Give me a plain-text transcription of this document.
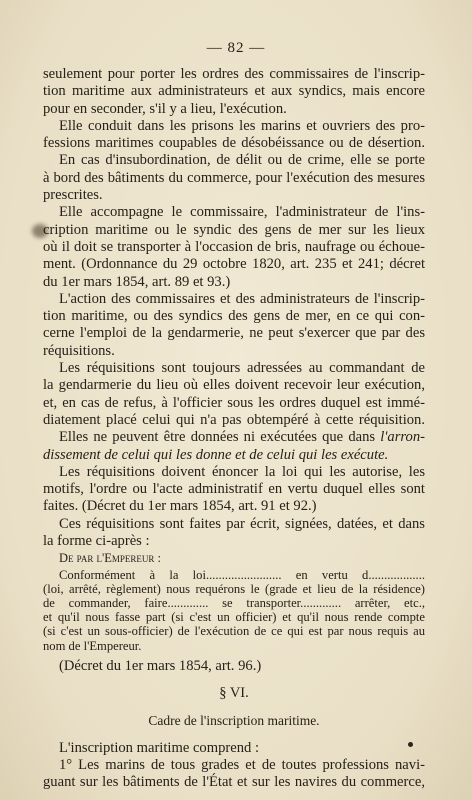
— 82 —
seulement pour porter les ordres des commissaires de l'inscrip-
tion maritime aux administrateurs et aux syndics, mais encore
pour en seconder, s'il y a lieu, l'exécution.
Elle conduit dans les prisons les marins et ouvriers des pro-
fessions maritimes coupables de désobéissance ou de désertion.
En cas d'insubordination, de délit ou de crime, elle se porte
à bord des bâtiments du commerce, pour l'exécution des mesures
prescrites.
Elle accompagne le commissaire, l'administrateur de l'ins-
cription maritime ou le syndic des gens de mer sur les lieux
où il doit se transporter à l'occasion de bris, naufrage ou échoue-
ment. (Ordonnance du 29 octobre 1820, art. 235 et 241; décret
du 1er mars 1854, art. 89 et 93.)
L'action des commissaires et des administrateurs de l'inscrip-
tion maritime, ou des syndics des gens de mer, en ce qui con-
cerne l'emploi de la gendarmerie, ne peut s'exercer que par des
réquisitions.
Les réquisitions sont toujours adressées au commandant de
la gendarmerie du lieu où elles doivent recevoir leur exécution,
et, en cas de refus, à l'officier sous les ordres duquel est immé-
diatement placé celui qui n'a pas obtempéré à cette réquisition.
Elles ne peuvent être données ni exécutées que dans l'arron-
dissement de celui qui les donne et de celui qui les exécute.
Les réquisitions doivent énoncer la loi qui les autorise, les
motifs, l'ordre ou l'acte administratif en vertu duquel elles sont
faites. (Décret du 1er mars 1854, art. 91 et 92.)
Ces réquisitions sont faites par écrit, signées, datées, et dans
la forme ci-après :
De par l'Empereur :
Conformément à la loi........................ en vertu d..................
(loi, arrêté, règlement) nous requérons le (grade et lieu de la résidence)
de commander, faire............. se transporter............. arrêter, etc.,
et qu'il nous fasse part (si c'est un officier) et qu'il nous rende compte
(si c'est un sous-officier) de l'exécution de ce qui est par nous requis au
nom de l'Empereur.
(Décret du 1er mars 1854, art. 96.)
§ VI.
Cadre de l'inscription maritime.
L'inscription maritime comprend :
1° Les marins de tous grades et de toutes professions navi-
guant sur les bâtiments de l'État et sur les navires du commerce,
